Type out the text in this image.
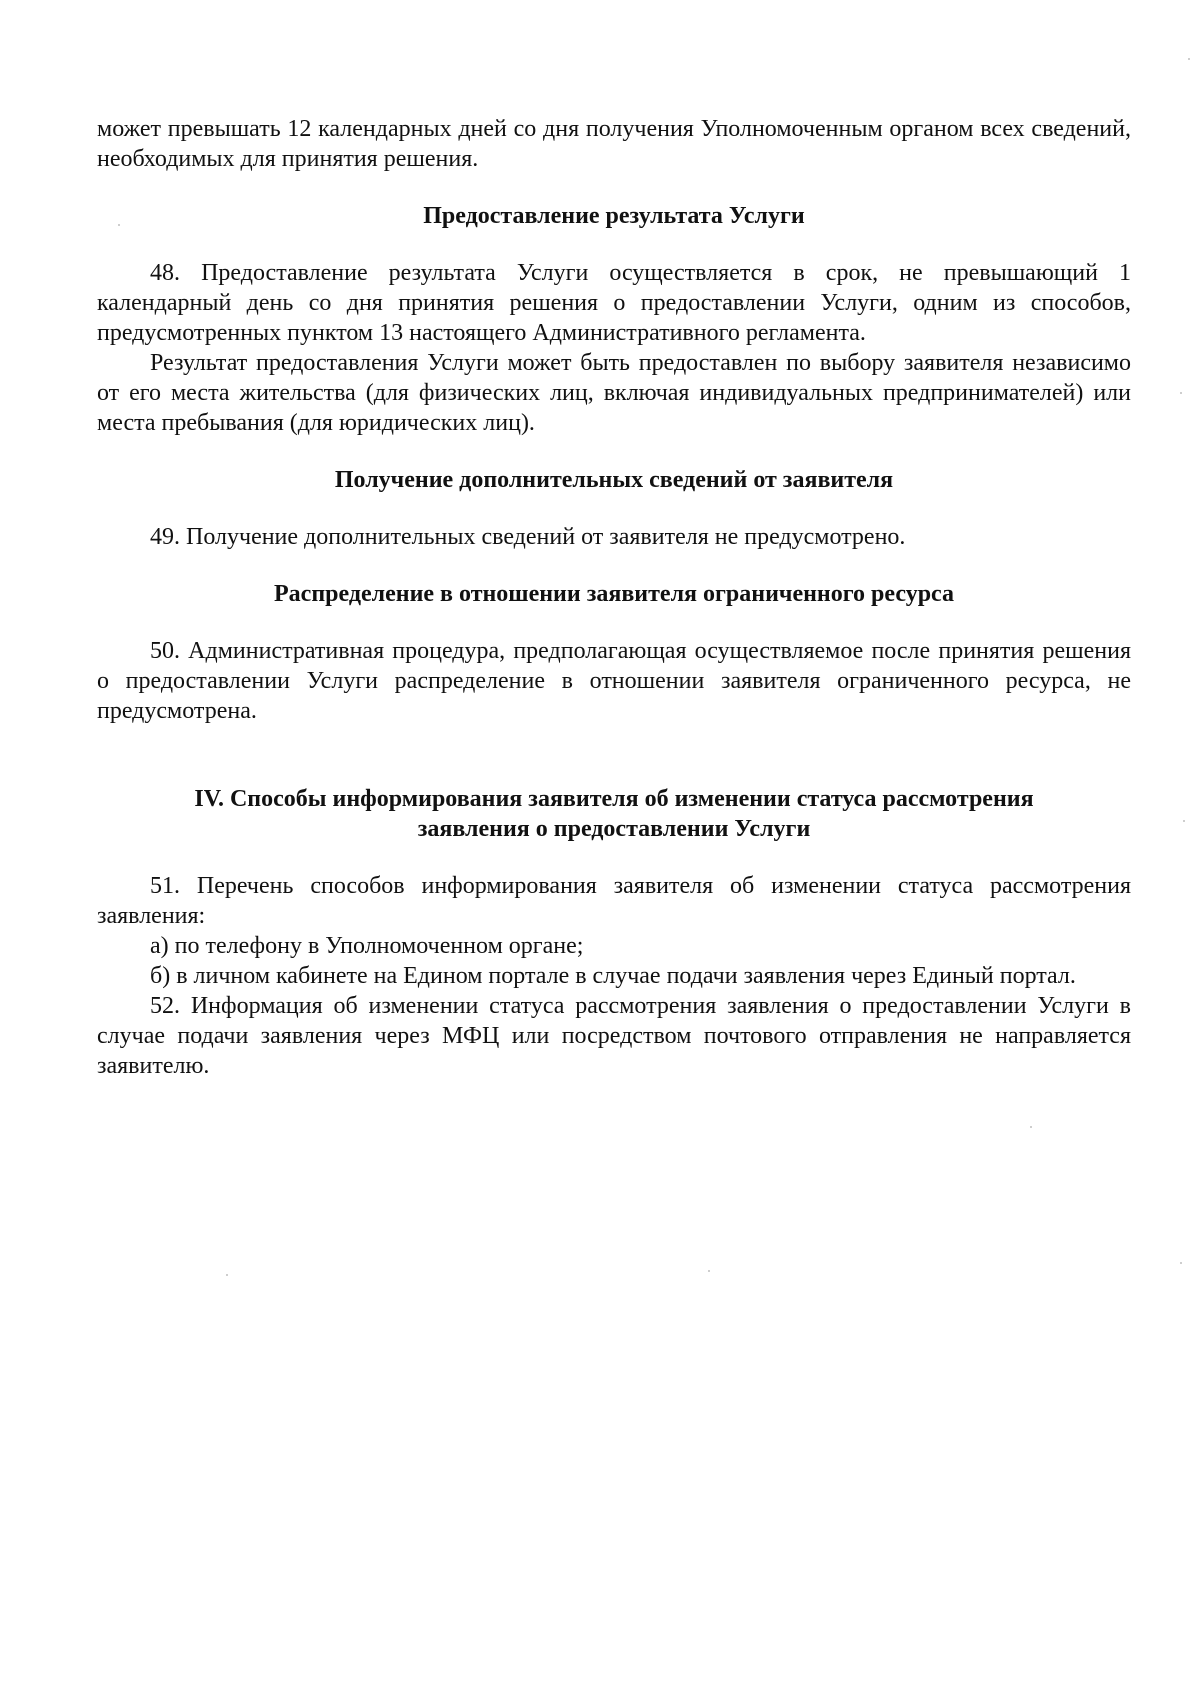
может превышать 12 календарных дней со дня получения Уполномоченным органом всех сведений, необходимых для принятия решения.

Предоставление результата Услуги

48. Предоставление результата Услуги осуществляется в срок, не превышающий 1 календарный день со дня принятия решения о предоставлении Услуги, одним из способов, предусмотренных пунктом 13 настоящего Административного регламента.

Результат предоставления Услуги может быть предоставлен по выбору заявителя независимо от его места жительства (для физических лиц, включая индивидуальных предпринимателей) или места пребывания (для юридических лиц).

Получение дополнительных сведений от заявителя

49. Получение дополнительных сведений от заявителя не предусмотрено.

Распределение в отношении заявителя ограниченного ресурса

50. Административная процедура, предполагающая осуществляемое после принятия решения о предоставлении Услуги распределение в отношении заявителя ограниченного ресурса, не предусмотрена.

IV. Способы информирования заявителя об изменении статуса рассмотрения

заявления о предоставлении Услуги

51. Перечень способов информирования заявителя об изменении статуса рассмотрения заявления:

а) по телефону в Уполномоченном органе;

б) в личном кабинете на Едином портале в случае подачи заявления через Единый портал.

52. Информация об изменении статуса рассмотрения заявления о предоставлении Услуги в случае подачи заявления через МФЦ или посредством почтового отправления не направляется заявителю.
